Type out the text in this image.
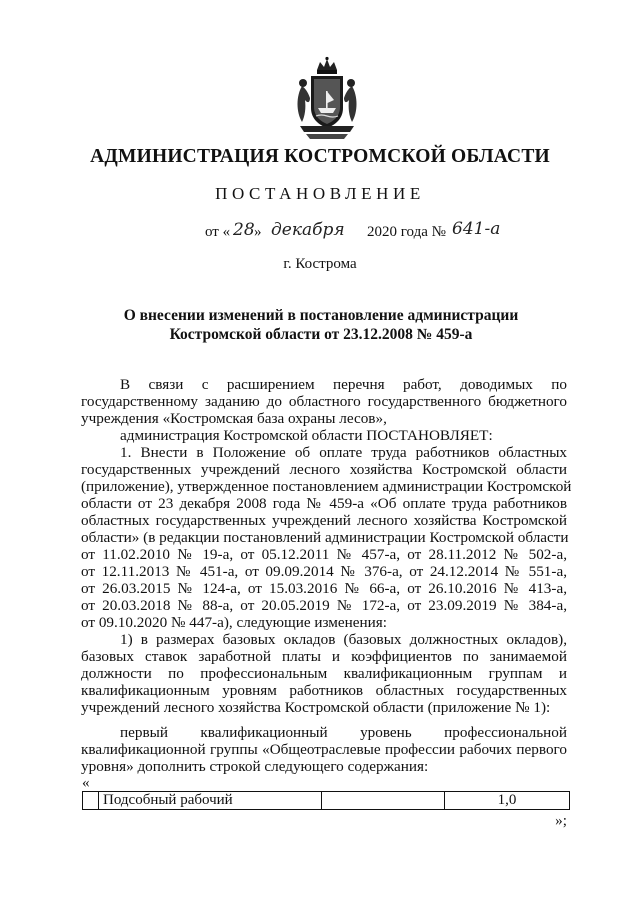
АДМИНИСТРАЦИЯ КОСТРОМСКОЙ ОБЛАСТИ
ПОСТАНОВЛЕНИЕ
от « 28 » декабря 2020 года № 641-а
г. Кострома
О внесении изменений в постановление администрации
Костромской области от 23.12.2008 № 459-а
В связи с расширением перечня работ, доводимых по
государственному заданию до областного государственного бюджетного
учреждения «Костромская база охраны лесов»,
администрация Костромской области ПОСТАНОВЛЯЕТ:
1. Внести в Положение об оплате труда работников областных
государственных учреждений лесного хозяйства Костромской области
(приложение), утвержденное постановлением администрации Костромской
области от 23 декабря 2008 года № 459-а «Об оплате труда работников
областных государственных учреждений лесного хозяйства Костромской
области» (в редакции постановлений администрации Костромской области
от 11.02.2010 № 19-а, от 05.12.2011 № 457-а, от 28.11.2012 № 502-а,
от 12.11.2013 № 451-а, от 09.09.2014 № 376-а, от 24.12.2014 № 551-а,
от 26.03.2015 № 124-а, от 15.03.2016 № 66-а, от 26.10.2016 № 413-а,
от 20.03.2018 № 88-а, от 20.05.2019 № 172-а, от 23.09.2019 № 384-а,
от 09.10.2020 № 447-а), следующие изменения:
1) в размерах базовых окладов (базовых должностных окладов),
базовых ставок заработной платы и коэффициентов по занимаемой
должности по профессиональным квалификационным группам и
квалификационным уровням работников областных государственных
учреждений лесного хозяйства Костромской области (приложение № 1):
первый квалификационный уровень профессиональной
квалификационной группы «Общеотраслевые профессии рабочих первого
уровня» дополнить строкой следующего содержания:
«
	Подсобный рабочий		1,0
»;
